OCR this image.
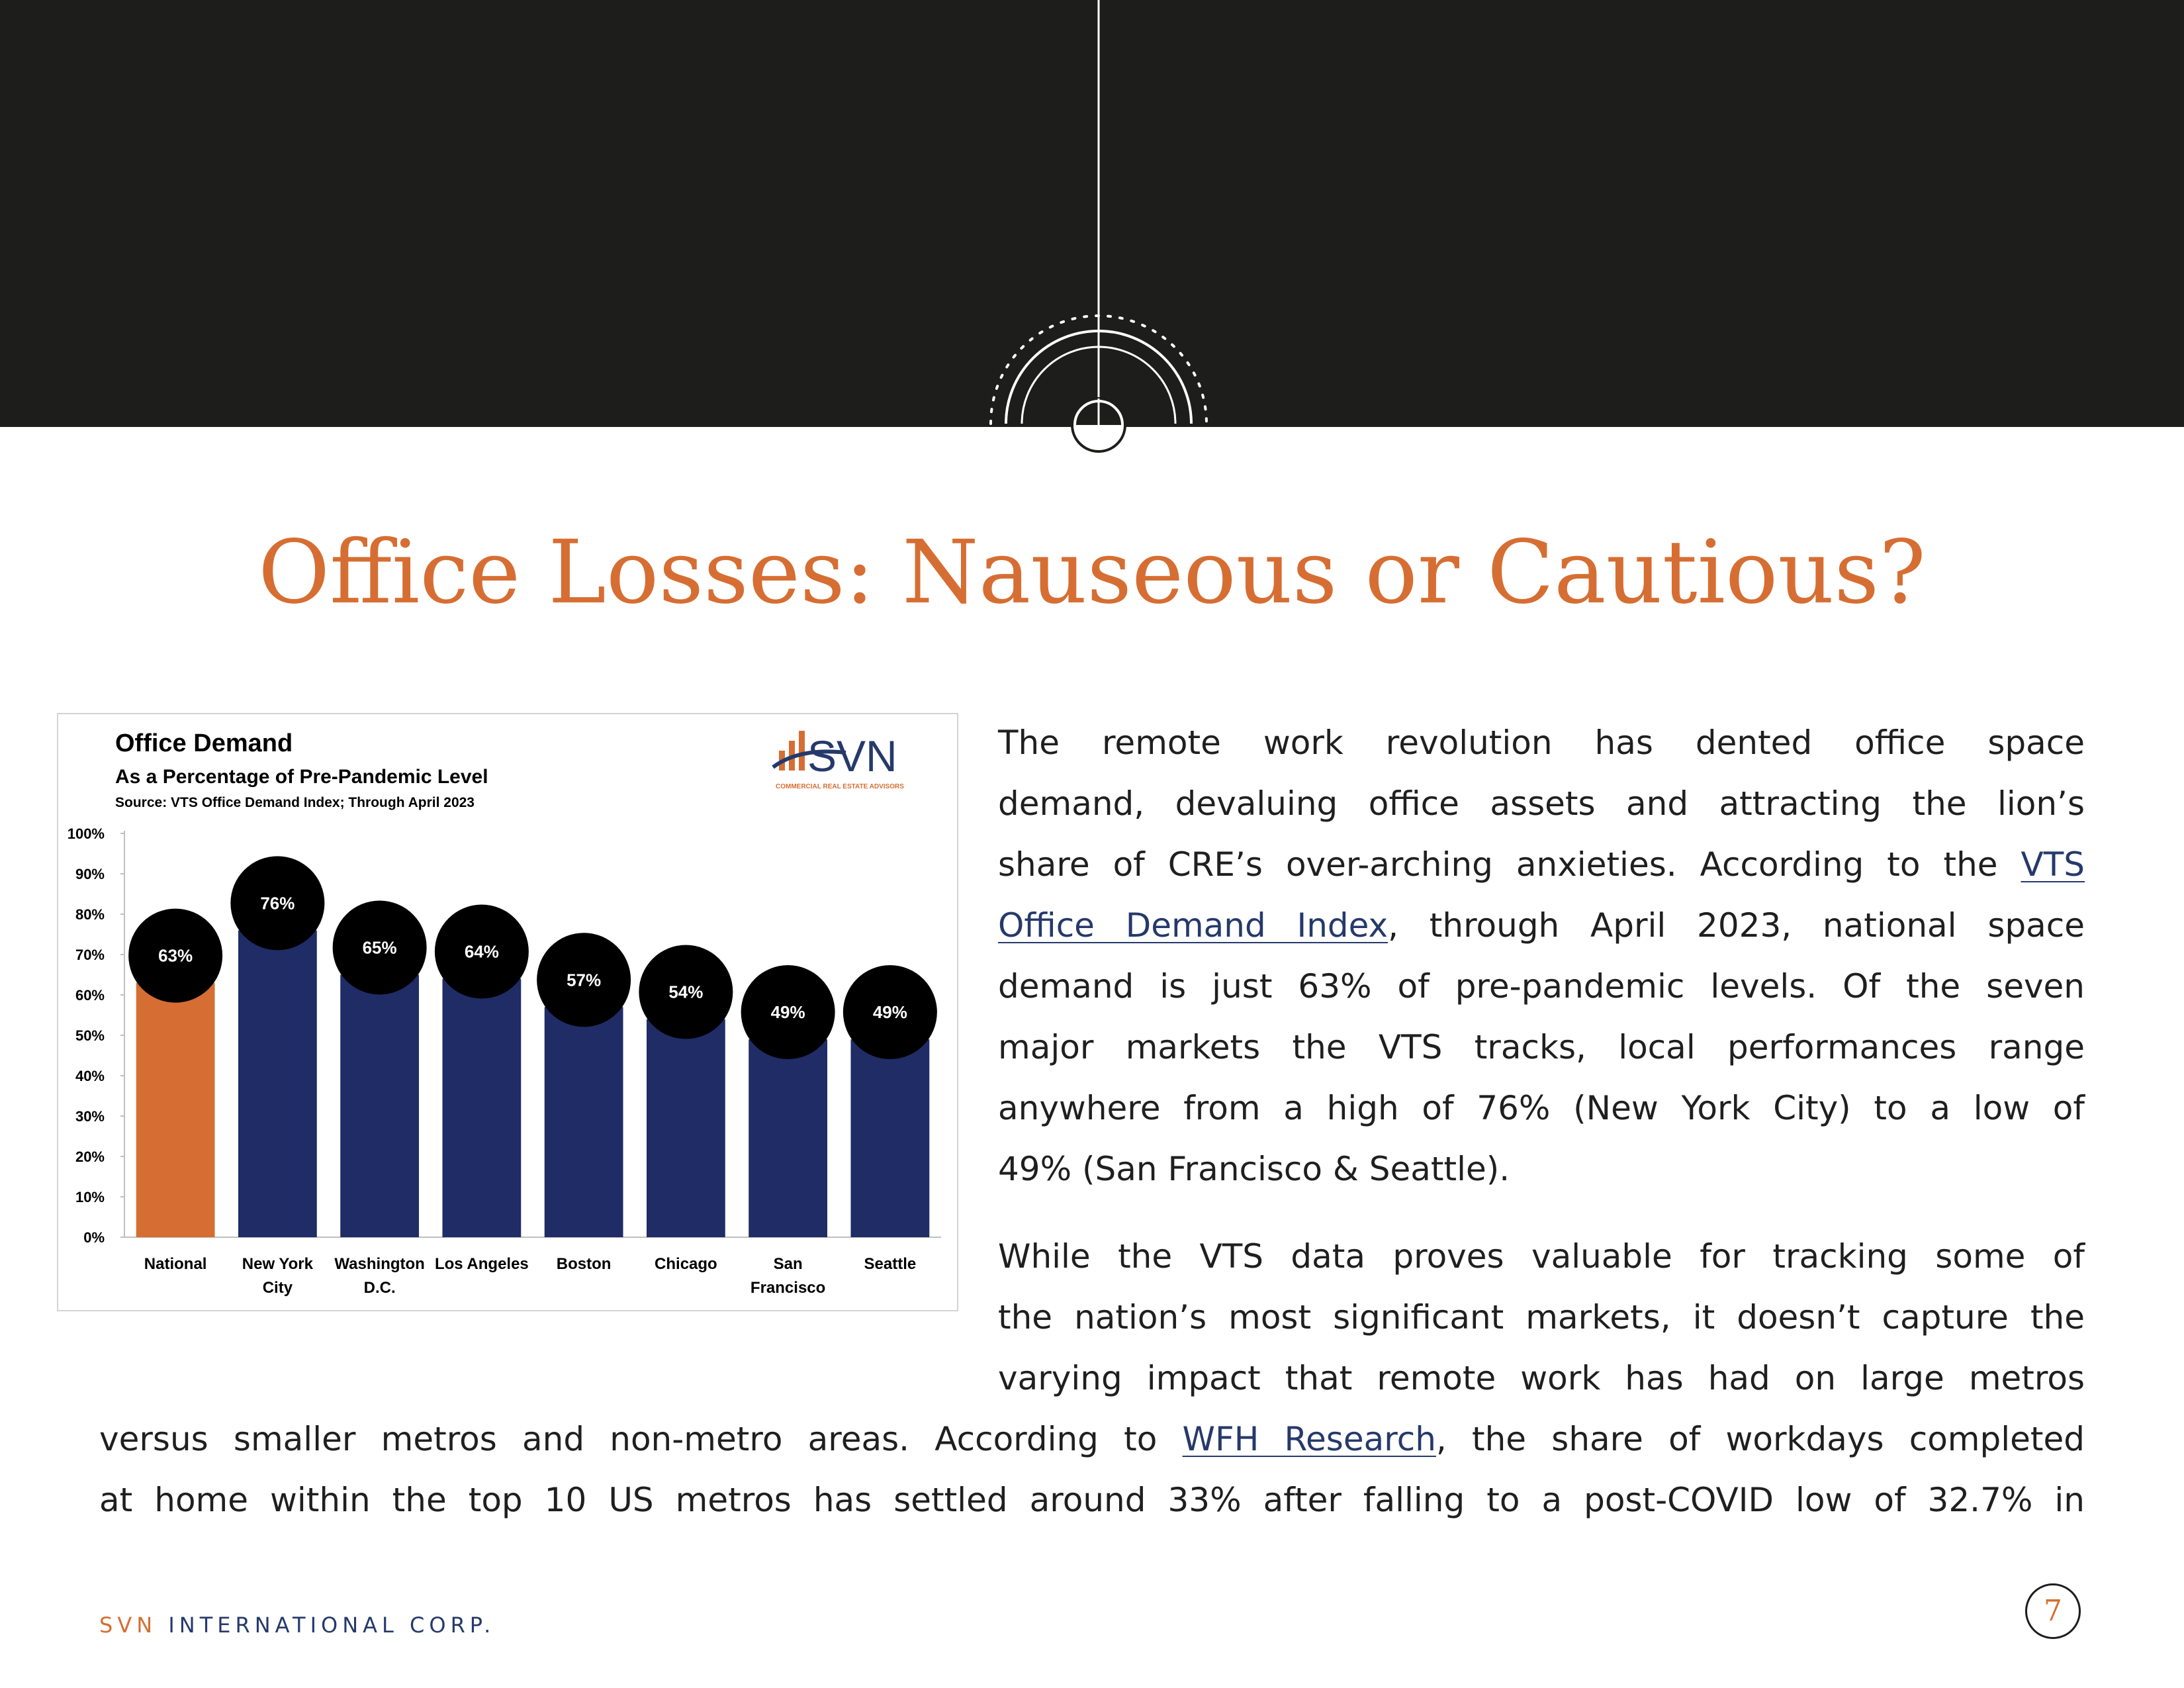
Office Losses: Nauseous or Cautious?
Office Demand
As a Percentage of Pre-Pandemic Level
Source: VTS Office Demand Index; Through April 2023
SVN
COMMERCIAL REAL ESTATE ADVISORS
0%
10%
20%
30%
40%
50%
60%
70%
80%
90%
100%
63%
76%
65%	64%
57%
54%
49%	49%
National New York
City
Washington
D.C.
Los Angeles Boston	Chicago	San
Francisco
Seattle
The remote work revolution has dented office space
demand, devaluing office assets and attracting the lion’s
share of CRE’s over-arching anxieties. According to the VTS
Office Demand Index, through April 2023, national space
demand is just 63% of pre-pandemic levels. Of the seven
major markets the VTS tracks, local performances range
anywhere from a high of 76% (New York City) to a low of
49% (San Francisco & Seattle).
While the VTS data proves valuable for tracking some of
the nation’s most significant markets, it doesn’t capture the
varying impact that remote work has had on large metros
versus smaller metros and non-metro areas. According to WFH Research, the share of workdays completed
at home within the top 10 US metros has settled around 33% after falling to a post-COVID low of 32.7% in
SVN INTERNATIONAL CORP.	7
